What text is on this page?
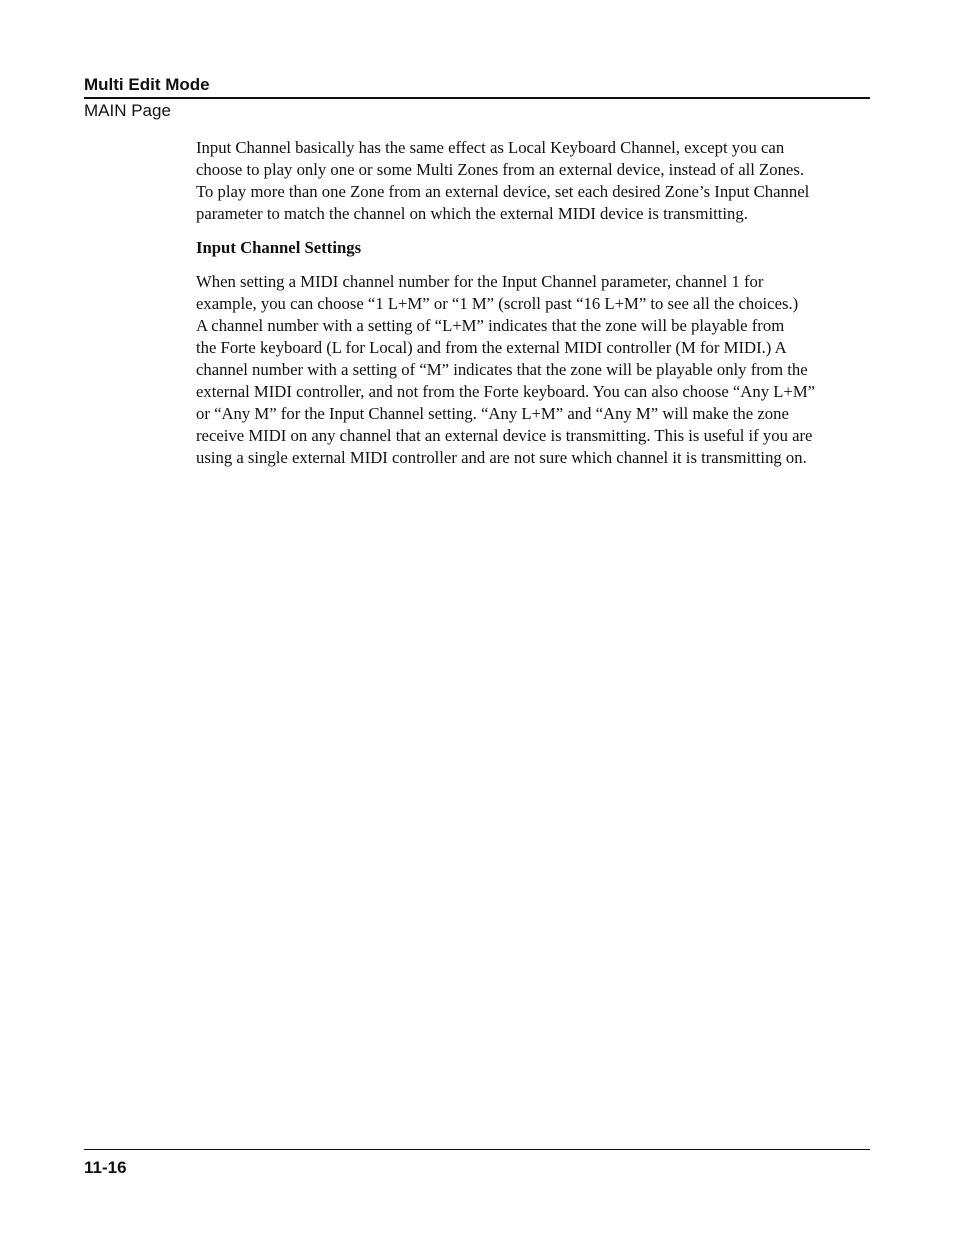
Multi Edit Mode
MAIN Page

Input Channel basically has the same effect as Local Keyboard Channel, except you can
choose to play only one or some Multi Zones from an external device, instead of all Zones.
To play more than one Zone from an external device, set each desired Zone’s Input Channel
parameter to match the channel on which the external MIDI device is transmitting.

Input Channel Settings

When setting a MIDI channel number for the Input Channel parameter, channel 1 for
example, you can choose “1 L+M” or “1 M” (scroll past “16 L+M” to see all the choices.)
A channel number with a setting of “L+M” indicates that the zone will be playable from
the Forte keyboard (L for Local) and from the external MIDI controller (M for MIDI.) A
channel number with a setting of “M” indicates that the zone will be playable only from the
external MIDI controller, and not from the Forte keyboard. You can also choose “Any L+M”
or “Any M” for the Input Channel setting. “Any L+M” and “Any M” will make the zone
receive MIDI on any channel that an external device is transmitting. This is useful if you are
using a single external MIDI controller and are not sure which channel it is transmitting on.

11-16
